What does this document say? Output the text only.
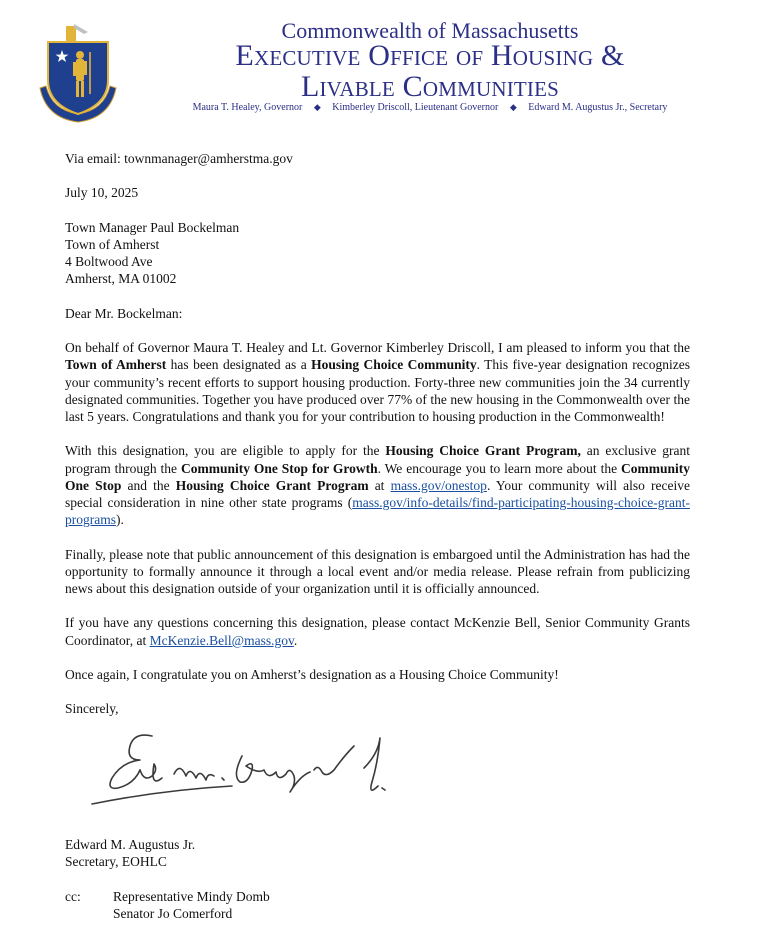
Commonwealth of Massachusetts
Executive Office of Housing &
Livable Communities
Maura T. Healey, Governor ◆ Kimberley Driscoll, Lieutenant Governor ◆ Edward M. Augustus Jr., Secretary

Via email: townmanager@amherstma.gov

July 10, 2025

Town Manager Paul Bockelman

Town of Amherst

4 Boltwood Ave

Amherst, MA 01002

Dear Mr. Bockelman:

On behalf of Governor Maura T. Healey and Lt. Governor Kimberley Driscoll, I am pleased to inform you that the Town of Amherst has been designated as a Housing Choice Community. This five-year designation recognizes your community’s recent efforts to support housing production. Forty-three new communities join the 34 currently designated communities. Together you have produced over 77% of the new housing in the Commonwealth over the last 5 years. Congratulations and thank you for your contribution to housing production in the Commonwealth!

With this designation, you are eligible to apply for the Housing Choice Grant Program, an exclusive grant program through the Community One Stop for Growth. We encourage you to learn more about the Community One Stop and the Housing Choice Grant Program at mass.gov/onestop. Your community will also receive special consideration in nine other state programs (mass.gov/info-details/find-participating-housing-choice-grant-programs).

Finally, please note that public announcement of this designation is embargoed until the Administration has had the opportunity to formally announce it through a local event and/or media release. Please refrain from publicizing news about this designation outside of your organization until it is officially announced.

If you have any questions concerning this designation, please contact McKenzie Bell, Senior Community Grants Coordinator, at McKenzie.Bell@mass.gov.

Once again, I congratulate you on Amherst’s designation as a Housing Choice Community!

Sincerely,

Edward M. Augustus Jr.
Secretary, EOHLC
cc: Representative Mindy Domb
Senator Jo Comerford
